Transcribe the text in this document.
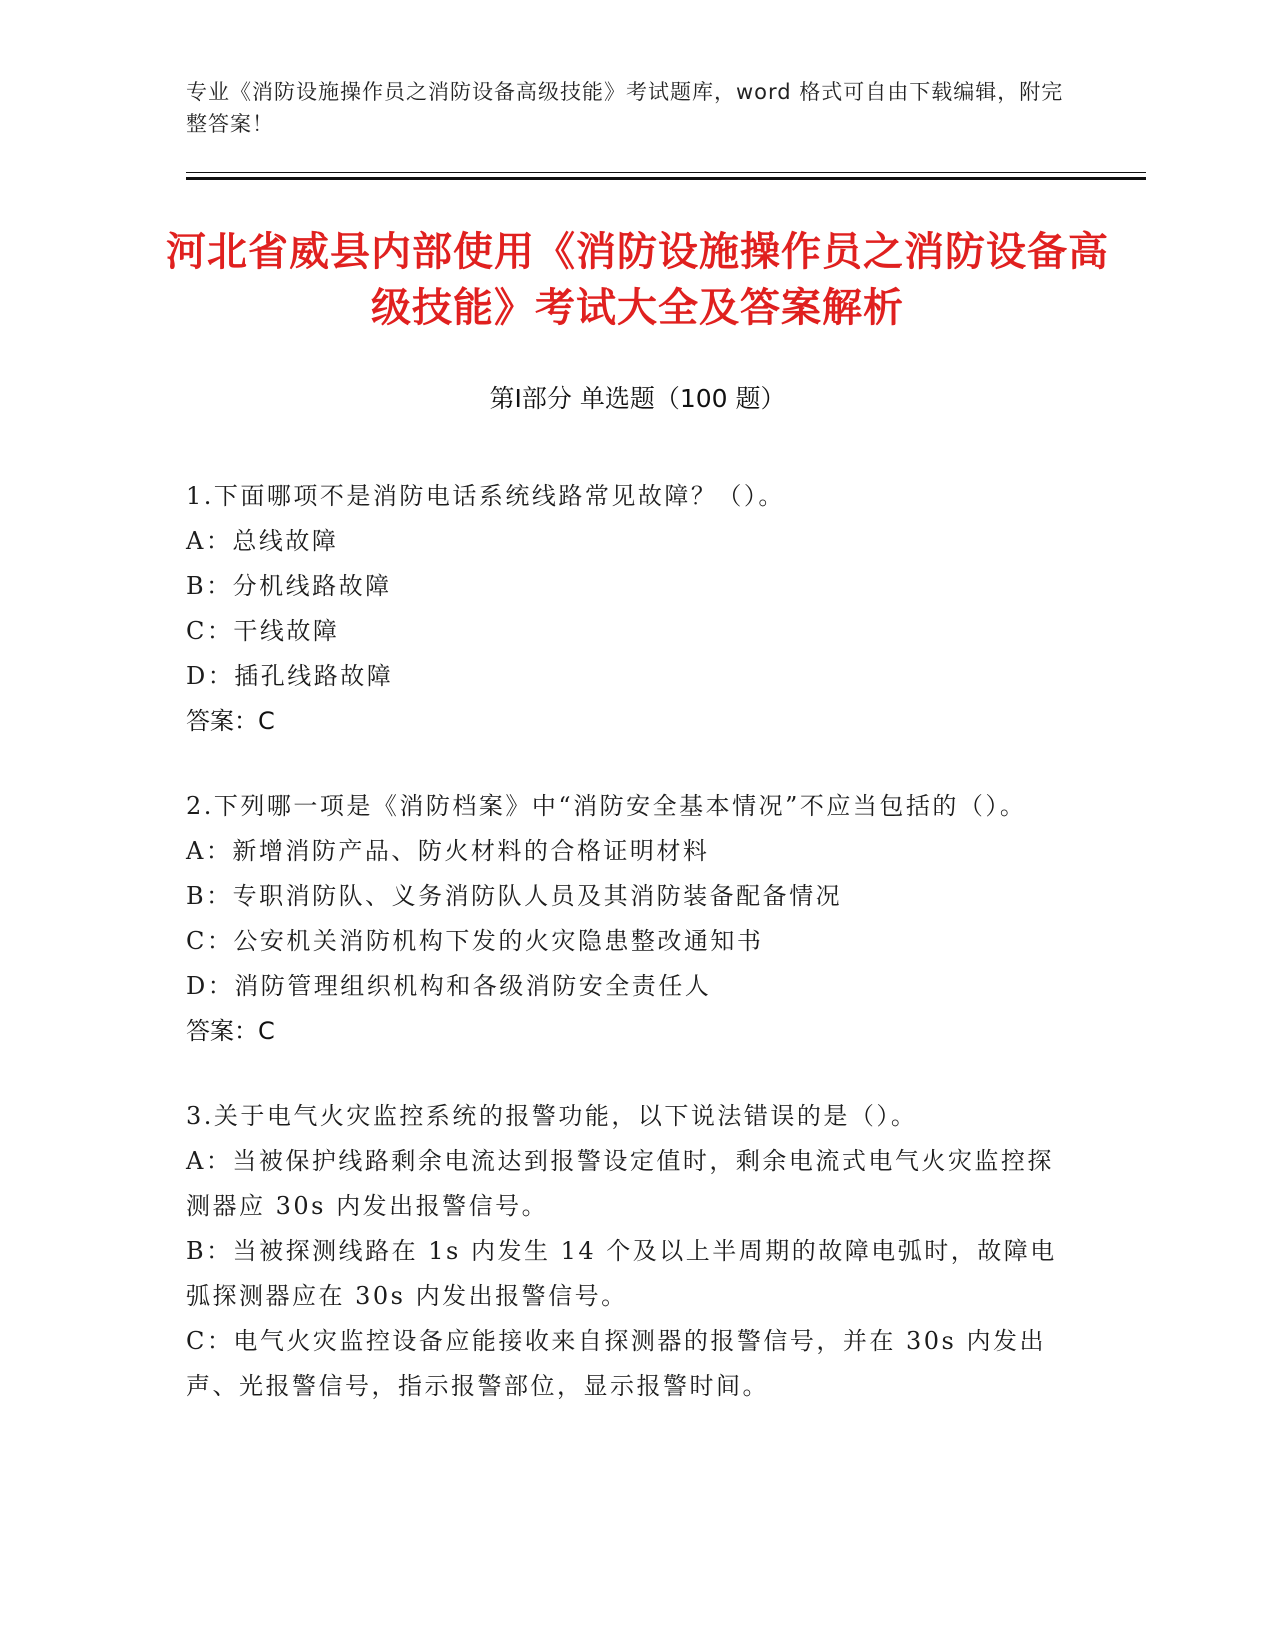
专业《消防设施操作员之消防设备高级技能》考试题库，word 格式可自由下载编辑，附完整答案！
河北省威县内部使用《消防设施操作员之消防设备高级技能》考试大全及答案解析
第Ⅰ部分 单选题（100 题）
1.下面哪项不是消防电话系统线路常见故障？（）。
A：总线故障
B：分机线路故障
C：干线故障
D：插孔线路故障
答案：C
2.下列哪一项是《消防档案》中“消防安全基本情况”不应当包括的（）。
A：新增消防产品、防火材料的合格证明材料
B：专职消防队、义务消防队人员及其消防装备配备情况
C：公安机关消防机构下发的火灾隐患整改通知书
D：消防管理组织机构和各级消防安全责任人
答案：C
3.关于电气火灾监控系统的报警功能，以下说法错误的是（）。
A：当被保护线路剩余电流达到报警设定值时，剩余电流式电气火灾监控探测器应 30s 内发出报警信号。
B：当被探测线路在 1s 内发生 14 个及以上半周期的故障电弧时，故障电弧探测器应在 30s 内发出报警信号。
C：电气火灾监控设备应能接收来自探测器的报警信号，并在 30s 内发出声、光报警信号，指示报警部位，显示报警时间。
